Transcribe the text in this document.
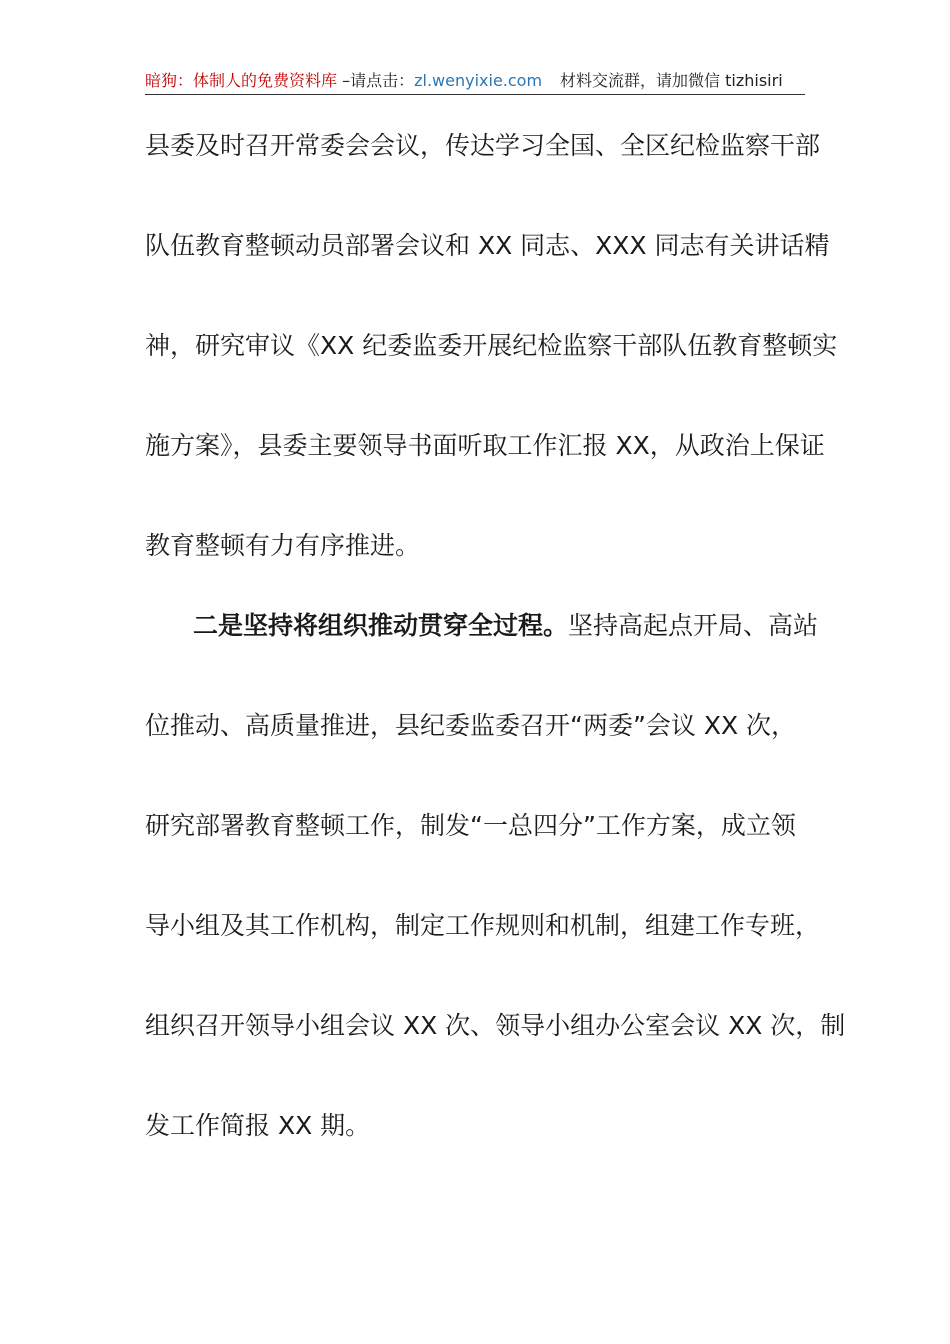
暗狗：体制人的免费资料库 –请点击：zl.wenyixie.com 材料交流群，请加微信 tizhisiri
县委及时召开常委会会议，传达学习全国、全区纪检监察干部
队伍教育整顿动员部署会议和 XX 同志、XXX 同志有关讲话精
神，研究审议《XX 纪委监委开展纪检监察干部队伍教育整顿实
施方案》，县委主要领导书面听取工作汇报 XX，从政治上保证
教育整顿有力有序推进。
二是坚持将组织推动贯穿全过程。坚持高起点开局、高站
位推动、高质量推进，县纪委监委召开“两委”会议 XX 次，
研究部署教育整顿工作，制发“一总四分”工作方案，成立领
导小组及其工作机构，制定工作规则和机制，组建工作专班，
组织召开领导小组会议 XX 次、领导小组办公室会议 XX 次，制
发工作简报 XX 期。
